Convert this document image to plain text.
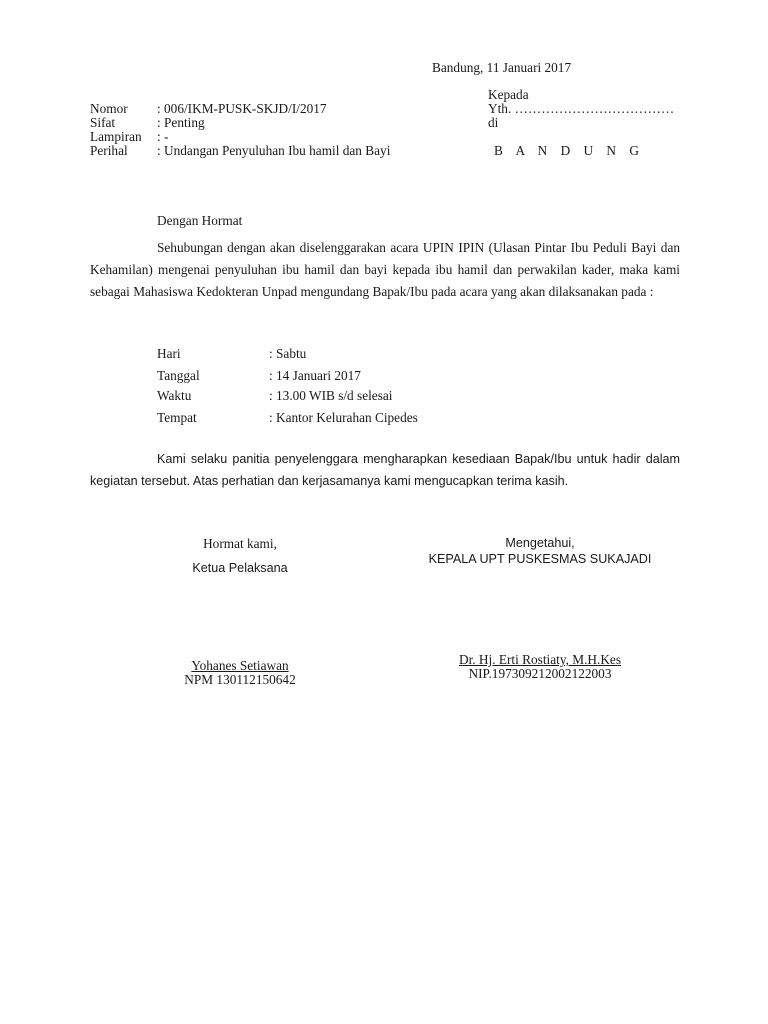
Bandung, 11 Januari 2017
Kepada
Yth. ………………………………
di
B A N D U N G
Nomor : 006/IKM-PUSK-SKJD/I/2017
Sifat	: Penting
Lampiran : -
Perihal : Undangan Penyuluhan Ibu hamil dan Bayi
Dengan Hormat

Sehubungan dengan akan diselenggarakan acara UPIN IPIN (Ulasan Pintar Ibu Peduli Bayi dan Kehamilan) mengenai penyuluhan ibu hamil dan bayi kepada ibu hamil dan perwakilan kader, maka kami sebagai Mahasiswa Kedokteran Unpad mengundang Bapak/Ibu pada acara yang akan dilaksanakan pada :

Hari	: Sabtu
Tanggal	: 14 Januari 2017
Waktu	: 13.00 WIB s/d selesai
Tempat	: Kantor Kelurahan Cipedes

Kami selaku panitia penyelenggara mengharapkan kesediaan Bapak/Ibu untuk hadir dalam kegiatan tersebut. Atas perhatian dan kerjasamanya kami mengucapkan terima kasih.

Hormat kami,
Ketua Pelaksana
Yohanes Setiawan
NPM 130112150642
Mengetahui,
KEPALA UPT PUSKESMAS SUKAJADI
Dr. Hj. Erti Rostiaty, M.H.Kes
NIP.197309212002122003
